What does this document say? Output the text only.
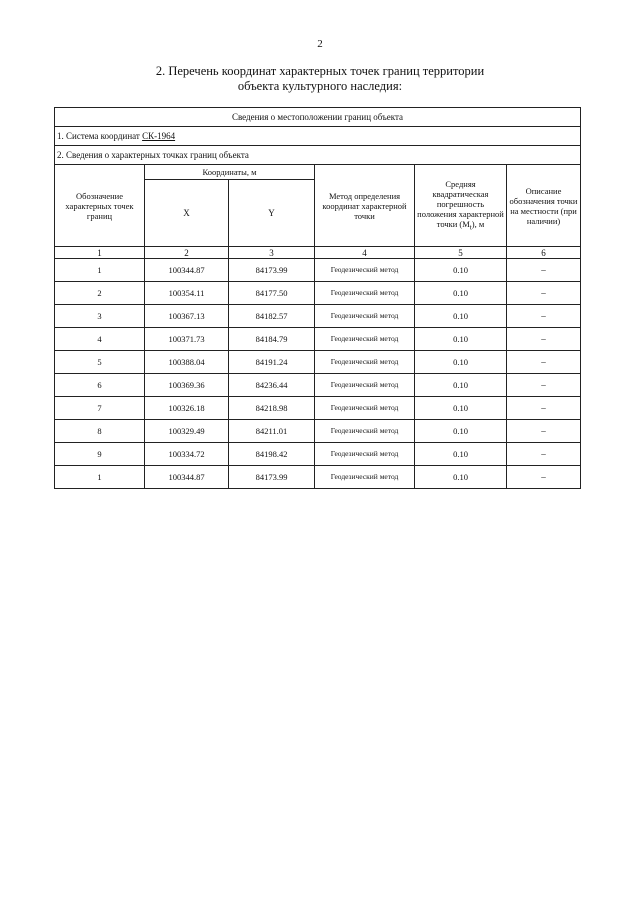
2
2. Перечень координат характерных точек границ территории
объекта культурного наследия:
Сведения о местоположении границ объекта					
1. Система координат СК-1964					
2. Сведения о характерных точках границ объекта					
Обозначение характерных точек границ	Координаты, м		Метод определения координат характерной точки	Средняя квадратическая погрешность положения характерной точки $(M_t)$, м	Описание обозначения точки на местности (при наличии)
	X	Y			
1	2	3	4	5	6
1	100344.87	84173.99	Геодезический метод	0.10	–
2	100354.11	84177.50	Геодезический метод	0.10	–
3	100367.13	84182.57	Геодезический метод	0.10	–
4	100371.73	84184.79	Геодезический метод	0.10	–
5	100388.04	84191.24	Геодезический метод	0.10	–
6	100369.36	84236.44	Геодезический метод	0.10	–
7	100326.18	84218.98	Геодезический метод	0.10	–
8	100329.49	84211.01	Геодезический метод	0.10	–
9	100334.72	84198.42	Геодезический метод	0.10	–
1	100344.87	84173.99	Геодезический метод	0.10	–
